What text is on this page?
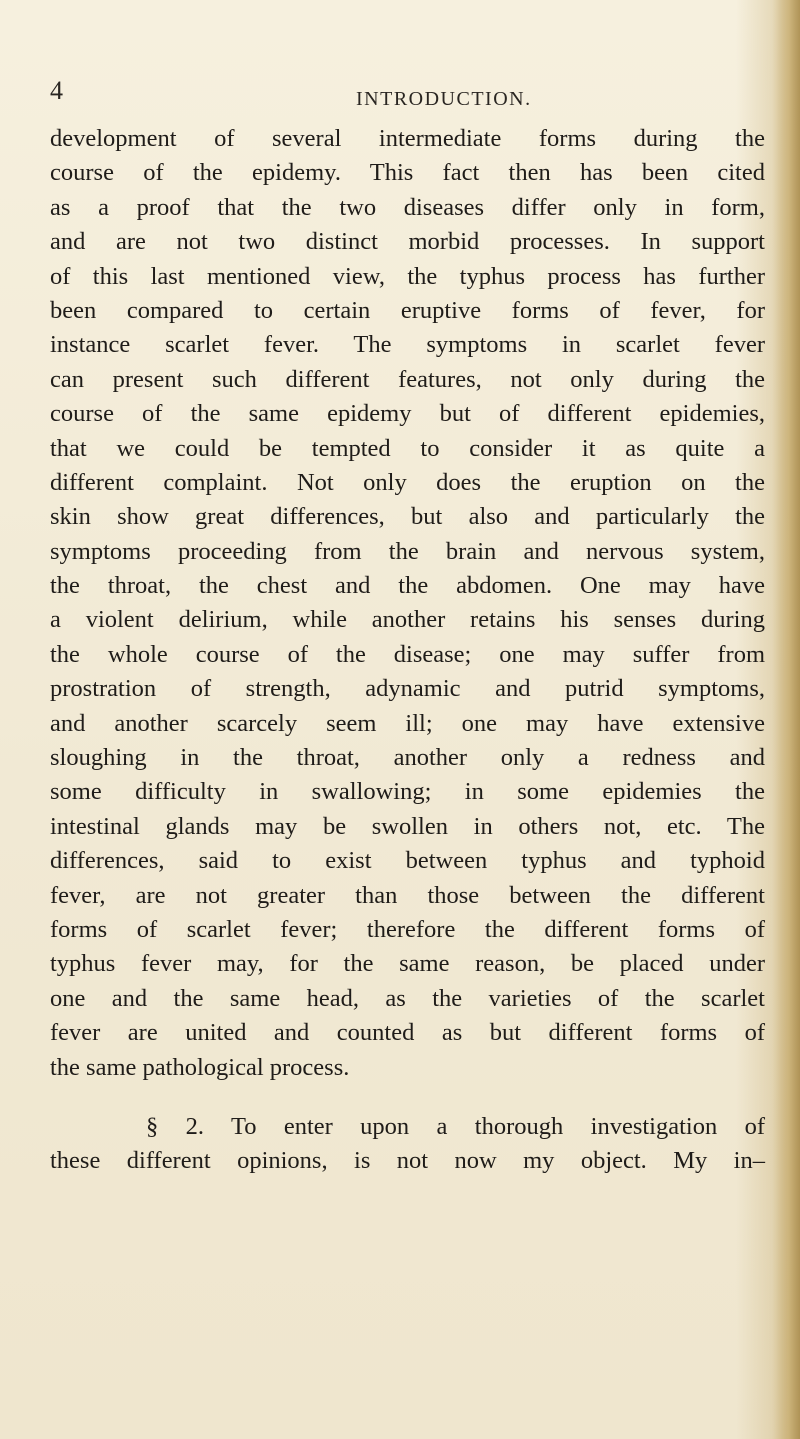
4	INTRODUCTION.
development of several intermediate forms during the
course of the epidemy. This fact then has been cited
as a proof that the two diseases differ only in form,
and are not two distinct morbid processes. In support
of this last mentioned view, the typhus process has further
been compared to certain eruptive forms of fever, for
instance scarlet fever. The symptoms in scarlet fever
can present such different features, not only during the
course of the same epidemy but of different epidemies,
that we could be tempted to consider it as quite a
different complaint. Not only does the eruption on the
skin show great differences, but also and particularly the
symptoms proceeding from the brain and nervous system,
the throat, the chest and the abdomen. One may have
a violent delirium, while another retains his senses during
the whole course of the disease; one may suffer from
prostration of strength, adynamic and putrid symptoms,
and another scarcely seem ill; one may have extensive
sloughing in the throat, another only a redness and
some difficulty in swallowing; in some epidemies the
intestinal glands may be swollen in others not, etc. The
differences, said to exist between typhus and typhoid
fever, are not greater than those between the different
forms of scarlet fever; therefore the different forms of
typhus fever may, for the same reason, be placed under
one and the same head, as the varieties of the scarlet
fever are united and counted as but different forms of
the same pathological process.
§ 2. To enter upon a thorough investigation of
these different opinions, is not now my object. My in–
